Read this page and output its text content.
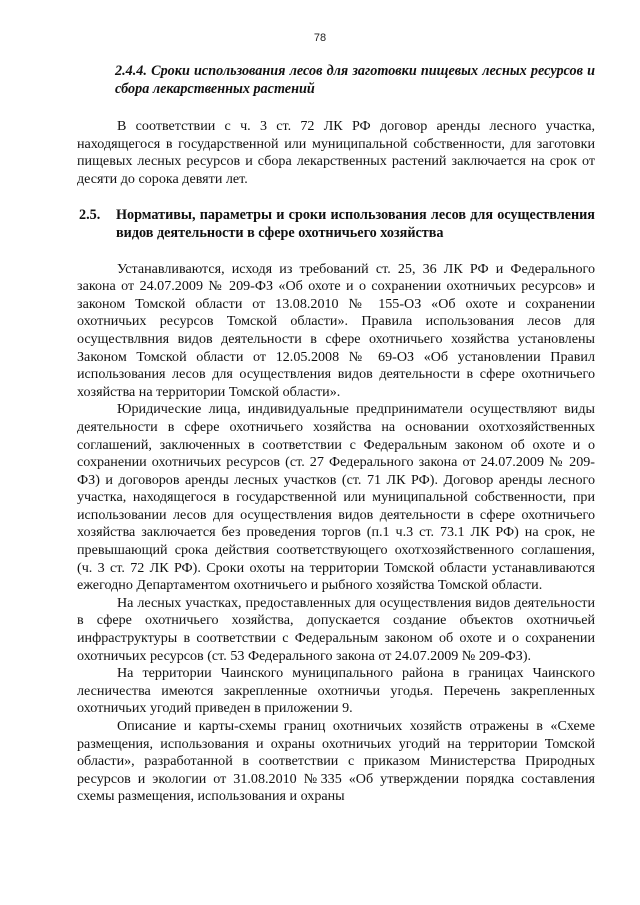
78
2.4.4. Сроки использования лесов для заготовки пищевых лесных ресурсов и сбора лекарственных растений

В соответствии с ч. 3 ст. 72 ЛК РФ договор аренды лесного участка, находящегося в государственной или муниципальной собственности, для заготовки пищевых лесных ресурсов и сбора лекарственных растений заключается на срок от десяти до сорока девяти лет.

2.5.	Нормативы, параметры и сроки использования лесов для осуществления видов деятельности в сфере охотничьего хозяйства

Устанавливаются, исходя из требований ст. 25, 36 ЛК РФ и Федерального закона от 24.07.2009 № 209-ФЗ «Об охоте и о сохранении охотничьих ресурсов» и законом Томской области от 13.08.2010 № 155-ОЗ «Об охоте и сохранении охотничьих ресурсов Томской области». Правила использования лесов для осуществлвния видов деятельности в сфере охотничьего хозяйства установлены Законом Томской области от 12.05.2008 № 69-ОЗ «Об установлении Правил использования лесов для осуществления видов деятельности в сфере охотничьего хозяйства на территории Томской области».

Юридические лица, индивидуальные предприниматели осуществляют виды деятельности в сфере охотничьего хозяйства на основании охотхозяйственных соглашений, заключенных в соответствии с Федеральным законом об охоте и о сохранении охотничьих ресурсов (ст. 27 Федерального закона от 24.07.2009 № 209-ФЗ) и договоров аренды лесных участков (ст. 71 ЛК РФ). Договор аренды лесного участка, находящегося в государственной или муниципальной собственности, при использовании лесов для осуществления видов деятельности в сфере охотничьего хозяйства заключается без проведения торгов (п.1 ч.3 ст. 73.1 ЛК РФ) на срок, не превышающий срока действия соответствующего охотхозяйственного соглашения, (ч. 3 ст. 72 ЛК РФ). Сроки охоты на территории Томской области устанавливаются ежегодно Департаментом охотничьего и рыбного хозяйства Томской области.

На лесных участках, предоставленных для осуществления видов деятельности в сфере охотничьего хозяйства, допускается создание объектов охотничьей инфраструктуры в соответствии с Федеральным законом об охоте и о сохранении охотничьих ресурсов (ст. 53 Федерального закона от 24.07.2009 № 209-ФЗ).

На территории Чаинского муниципального района в границах Чаинского лесничества имеются закрепленные охотничьи угодья. Перечень закрепленных охотничьих угодий приведен в приложении 9.

Описание и карты-схемы границ охотничьих хозяйств отражены в «Схеме размещения, использования и охраны охотничьих угодий на территории Томской области», разработанной в соответствии с приказом Министерства Природных ресурсов и экологии от 31.08.2010 №335 «Об утверждении порядка составления схемы размещения, использования и охраны
